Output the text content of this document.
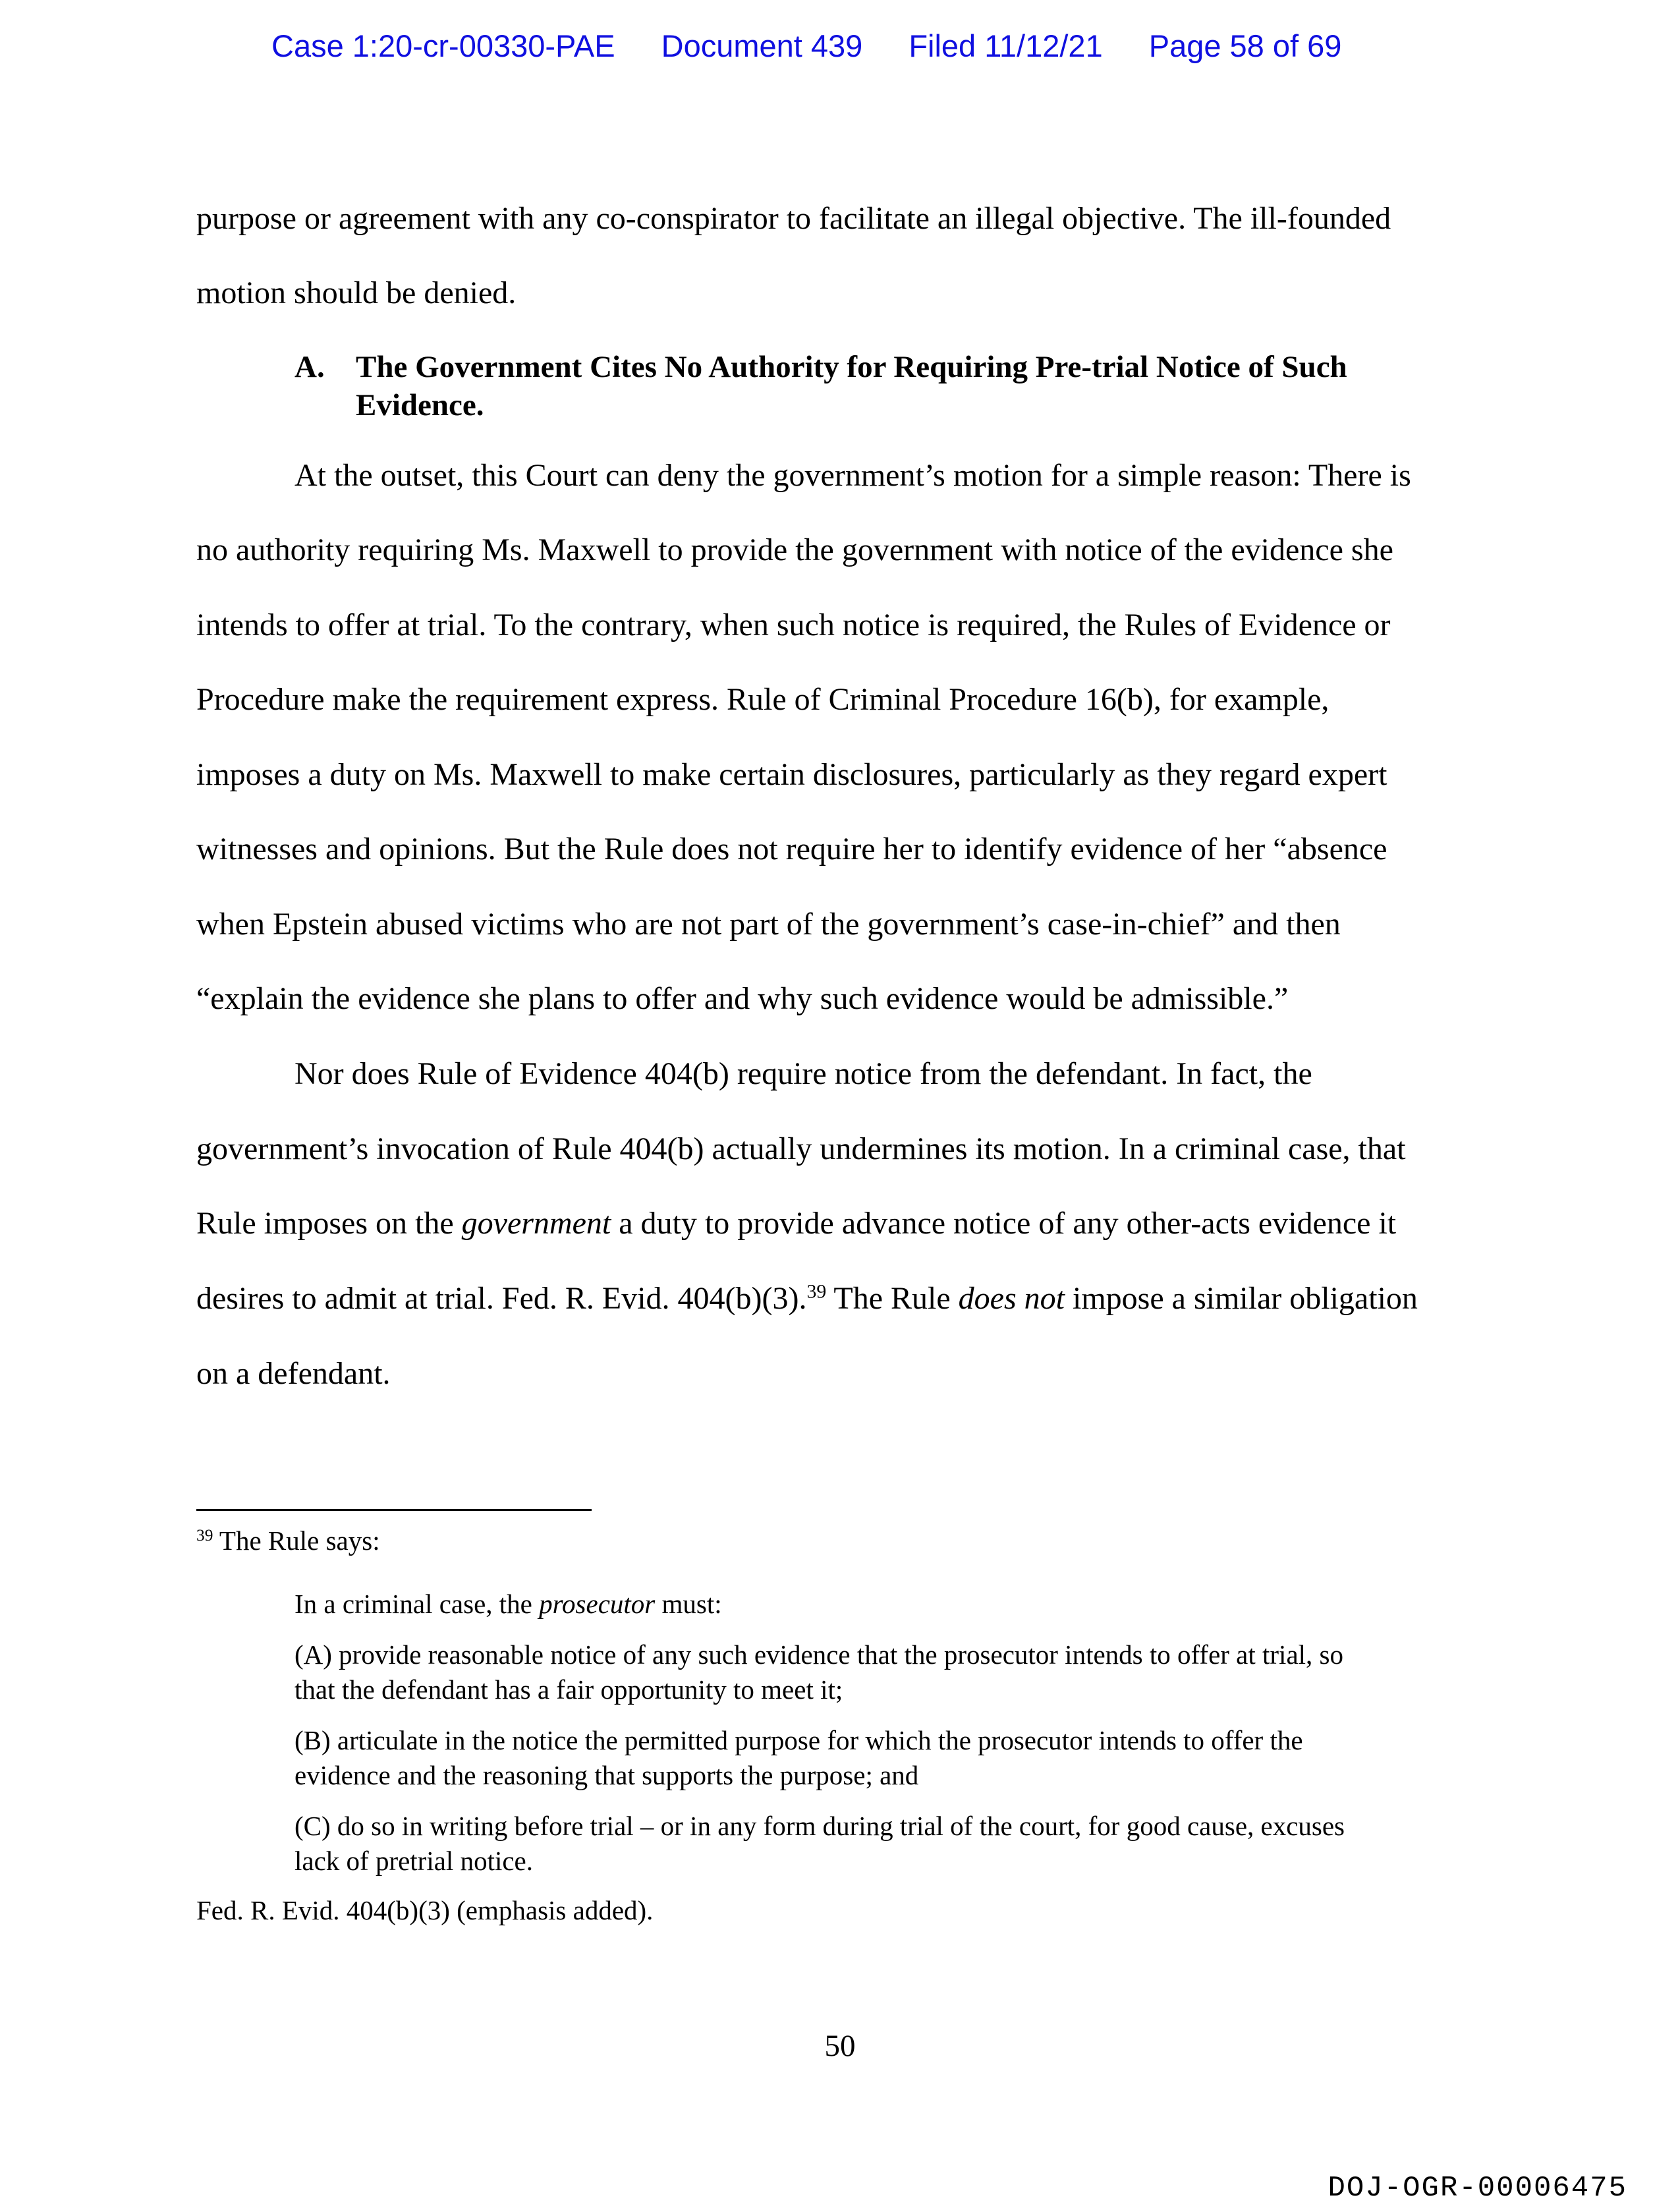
Case 1:20-cr-00330-PAE Document 439 Filed 11/12/21 Page 58 of 69
purpose or agreement with any co-conspirator to facilitate an illegal objective. The ill-founded
motion should be denied.
A. The Government Cites No Authority for Requiring Pre-trial Notice of Such
Evidence.
At the outset, this Court can deny the government’s motion for a simple reason: There is
no authority requiring Ms. Maxwell to provide the government with notice of the evidence she
intends to offer at trial. To the contrary, when such notice is required, the Rules of Evidence or
Procedure make the requirement express. Rule of Criminal Procedure 16(b), for example,
imposes a duty on Ms. Maxwell to make certain disclosures, particularly as they regard expert
witnesses and opinions. But the Rule does not require her to identify evidence of her “absence
when Epstein abused victims who are not part of the government’s case-in-chief” and then
“explain the evidence she plans to offer and why such evidence would be admissible.”
Nor does Rule of Evidence 404(b) require notice from the defendant. In fact, the
government’s invocation of Rule 404(b) actually undermines its motion. In a criminal case, that
Rule imposes on the government a duty to provide advance notice of any other-acts evidence it
desires to admit at trial. Fed. R. Evid. 404(b)(3).$^{39}$ The Rule does not impose a similar obligation
on a defendant.
$^{39}$ The Rule says:
In a criminal case, the prosecutor must:
(A) provide reasonable notice of any such evidence that the prosecutor intends to offer at trial, so
that the defendant has a fair opportunity to meet it;
(B) articulate in the notice the permitted purpose for which the prosecutor intends to offer the
evidence and the reasoning that supports the purpose; and
(C) do so in writing before trial – or in any form during trial of the court, for good cause, excuses
lack of pretrial notice.
Fed. R. Evid. 404(b)(3) (emphasis added).
50
DOJ-OGR-00006475
